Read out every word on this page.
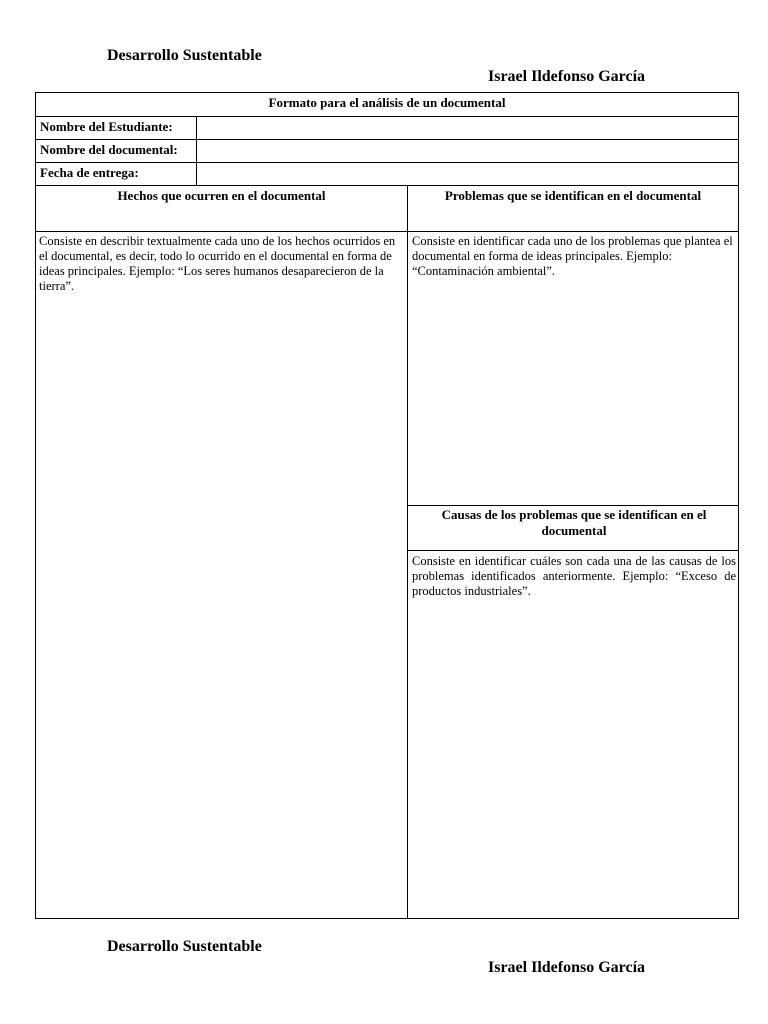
Desarrollo Sustentable
Israel Ildefonso García
Formato para el análisis de un documental
Nombre del Estudiante:
Nombre del documental:
Fecha de entrega:
Hechos que ocurren en el documental
Consiste en describir textualmente cada uno de los hechos ocurridos en el documental, es decir, todo lo ocurrido en el documental en forma de ideas principales. Ejemplo: “Los seres humanos desaparecieron de la tierra”.
Problemas que se identifican en el documental
Consiste en identificar cada uno de los problemas que plantea el documental en forma de ideas principales. Ejemplo: “Contaminación ambiental”.
Causas de los problemas que se identifican en el documental
Consiste en identificar cuáles son cada una de las causas de los problemas identificados anteriormente. Ejemplo: “Exceso de productos industriales”.
Desarrollo Sustentable
Israel Ildefonso García
